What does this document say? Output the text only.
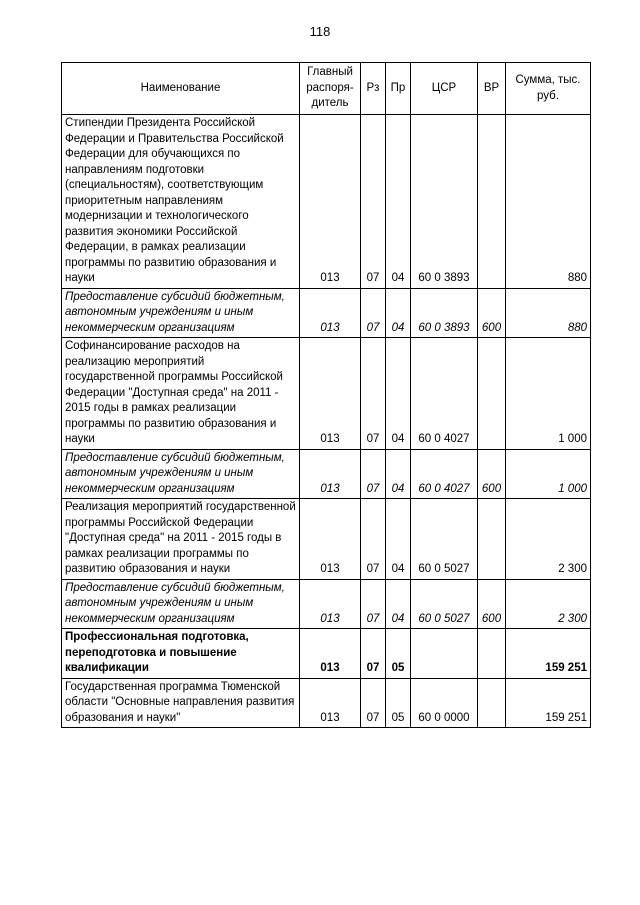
118
Наименование	Главный распоря-дитель	Рз	Пр	ЦСР	ВР	Сумма, тыс. руб.
Стипендии Президента Российской Федерации и Правительства Российской Федерации для обучающихся по направлениям подготовки (специальностям), соответствующим приоритетным направлениям модернизации и технологического развития экономики Российской Федерации, в рамках реализации программы по развитию образования и науки	013	07	04	60 0 3893		880
Предоставление субсидий бюджетным, автономным учреждениям и иным некоммерческим организациям	013	07	04	60 0 3893	600	880
Софинансирование расходов на реализацию мероприятий государственной программы Российской Федерации "Доступная среда" на 2011 - 2015 годы в рамках реализации программы по развитию образования и науки	013	07	04	60 0 4027		1 000
Предоставление субсидий бюджетным, автономным учреждениям и иным некоммерческим организациям	013	07	04	60 0 4027	600	1 000
Реализация мероприятий государственной программы Российской Федерации "Доступная среда" на 2011 - 2015 годы в рамках реализации программы по развитию образования и науки	013	07	04	60 0 5027		2 300
Предоставление субсидий бюджетным, автономным учреждениям и иным некоммерческим организациям	013	07	04	60 0 5027	600	2 300
Профессиональная подготовка, переподготовка и повышение квалификации	013	07	05			159 251
Государственная программа Тюменской области "Основные направления развития образования и науки"	013	07	05	60 0 0000		159 251
